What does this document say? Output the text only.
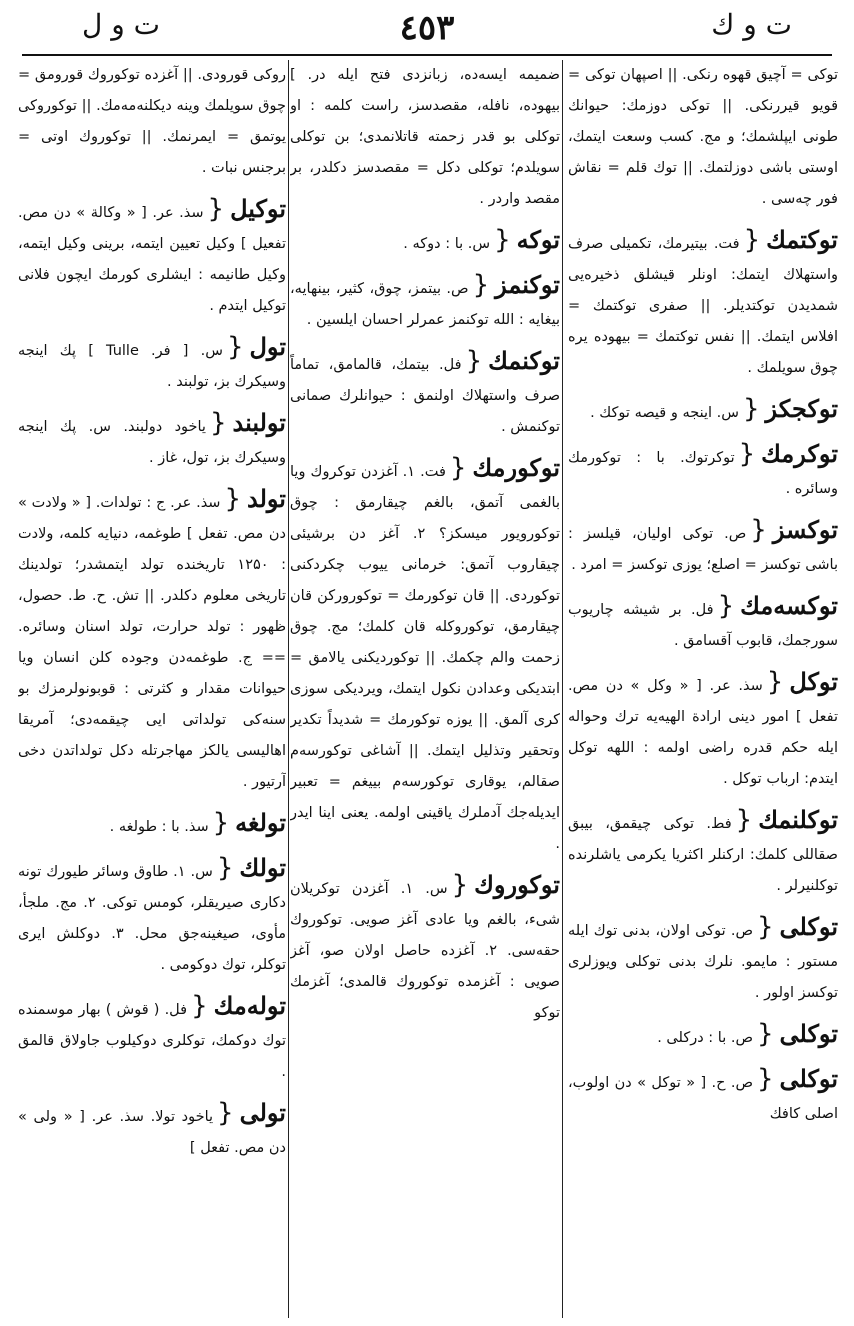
ت و ل	٤٥٣	ت و ك

توكی = آچیق قهوه رنكی. || اصپهان توكی = قویو قیررنكی. || توكی دوزمك: حیوانك طونی ایپلشمك؛ و مج. كسب وسعت ایتمك، اوستی باشی دوزلتمك. || توك قلم = نقاش فور چەسی .

توكتمك{فت. بیتیرمك، تكمیلی صرف واستهلاك ایتمك: اونلر قیشلق ذخیره‌یی شمدیدن توكتدیلر. || صفری توكتمك = افلاس ایتمك. || نفس توكتمك = بیهوده یره چوق سویلمك .

توكجكز{س. اینجه و قیصه توكك .

توكرمك{توكرتوك. با : توكورمك وسائره .

توكسز{ص. توكی اولیان، قیلسز : باشی توكسز = اصلع؛ یوزی توكسز = امرد .

توكسه‌مك{فل. بر شیشه چاریوب سورجمك، قابوب آقسامق .

توكل{سذ. عر. [ « وكل » دن مص. تفعل ] امور دینی ارادة الهیه‌یه ترك وحواله ایله حكم قدره راضی اولمه : اللهه توكل ایتدم: ارباب توكل .

توكلنمك{فط. توكی چیقمق، بیبق صقاللی كلمك: اركنلر اكثریا یكرمی یاشلرنده توكلنیرلر .

توكلی{ص. توكی اولان، بدنی توك ایله مستور : مایمو. نلرك بدنی توكلی ویوزلری توكسز اولور .

توكلی{ص. با : دركلی .

توكلی{ص. ح. [ « توكل » دن اولوب، اصلی كافك

ضمیمه ایسه‌ده، زبانزدی فتح ایله در. ] بیهوده، نافله، مقصدسز، راست كلمه : او توكلی بو قدر زحمته قاتلانمدی؛ بن توكلی سویلدم؛ توكلی دكل = مقصدسز دكلدر، بر مقصد واردر .

توكه{س. با : دوكه .

توكنمز{ص. بیتمز، چوق، كثیر، بینهایه، بیغایه : الله توكنمز عمرلر احسان ایلسین .

توكنمك{فل. بیتمك، قالمامق، تماماً صرف واستهلاك اولنمق : حیوانلرك صمانی توكنمش .

توكورمك{فت. ۱. آغزدن توكروك ویا بالغمی آتمق، بالغم چیقارمق : چوق توكورویور میسكز؟ ۲. آغز دن برشیئی چیقاروب آتمق: خرمانی ییوب چكردكنی توكوردی. || قان توكورمك = توكوروركن قان چیقارمق، توكوروكله قان كلمك؛ مج. چوق زحمت والم چكمك. || توكوردیكنی یالامق = ابتدیكی وعدادن نكول ایتمك، ویردیكی سوزی كری آلمق. || یوزه توكورمك = شدیداً تكدیر وتحقیر وتذلیل ایتمك. || آشاغی توكورسه‌م صقالم، یوقاری توكورسه‌م بییغم = تعبیر ایدیله‌جك آدملرك یاقینی اولمه. یعنی اینا ایدر .

توكوروك{س. ۱. آغزدن توكریلان شیء، بالغم ویا عادی آغز صویی. توكوروك حقه‌سی. ۲. آغزده حاصل اولان صو، آغز صویی : آغزمده توكوروك قالمدی؛ آغزمك توكو

روكی قورودی. || آغزده توكوروك قورومق = چوق سویلمك وینه دیكلنه‌مه‌مك. || توكوروكی یوتمق = ایمرنمك. || توكوروك اوتی = برجنس نبات .

توكیل{سذ. عر. [ « وكالة » دن مص. تفعیل ] وكیل تعیین ایتمه، برینی وكیل ایتمه، وكیل طانیمه : ایشلری كورمك ایچون فلانی توكیل ایتدم .

تول{س. [ فر. Tulle ] پك اینجه وسیكرك بز، تولبند .

تولبند{یاخود دولبند. س. پك اینجه وسیكرك بز، تول، غاز .

تولد{سذ. عر. ج : تولدات. [ « ولادت » دن مص. تفعل ] طوغمه، دنیایه كلمه، ولادت : ۱۲۵۰ تاریخنده تولد ایتمشدر؛ تولدینك تاریخی معلوم دكلدر. || تش. ح. ط. حصول، ظهور : تولد حرارت، تولد اسنان وسائره. == ج. طوغمه‌دن وجوده كلن انسان ویا حیوانات مقدار و كثرتی : قوبونولرمزك بو سنه‌كی تولداتی ایی چیقمه‌دی؛ آمریقا اهالیسی یالكز مهاجرتله دكل تولداتدن دخی آرتیور .

تولغه{سذ. با : طولغه .

تولك{س. ۱. طاوق وسائر طیورك تونه دكاری صیریقلر، كومس توكی. ۲. مج. ملجأ، مأوی، صیغینه‌جق محل. ۳. دوكلش ایری توكلر، توك دوكومی .

توله‌مك{فل. ( قوش ) بهار موسمنده توك دوكمك، توكلری دوكیلوب جاولاق قالمق .

تولی{یاخود تولا. سذ. عر. [ « ولی » دن مص. تفعل ]
